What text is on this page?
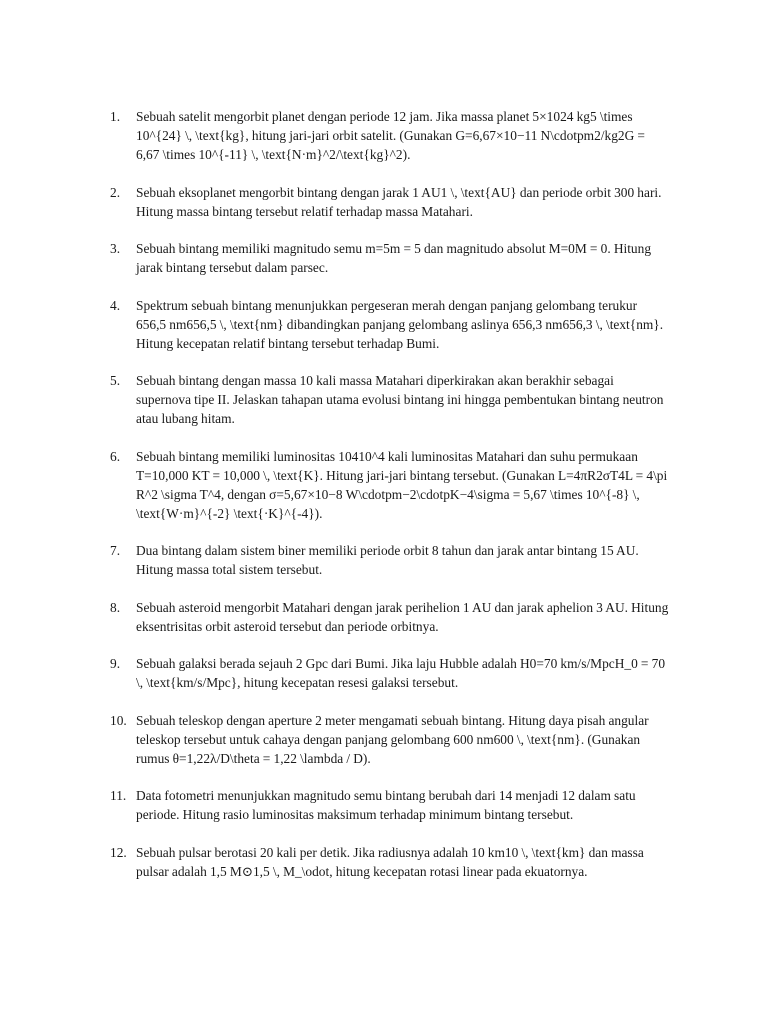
1.	Sebuah satelit mengorbit planet dengan periode 12 jam. Jika massa planet 5×1024 kg5 \times 10^{24} \, \text{kg}, hitung jari-jari orbit satelit. (Gunakan G=6,67×10−11 N\cdotpm2/kg2G = 6,67 \times 10^{-11} \, \text{N·m}^2/\text{kg}^2).
2.	Sebuah eksoplanet mengorbit bintang dengan jarak 1 AU1 \, \text{AU} dan periode orbit 300 hari. Hitung massa bintang tersebut relatif terhadap massa Matahari.
3.	Sebuah bintang memiliki magnitudo semu m=5m = 5 dan magnitudo absolut M=0M = 0. Hitung jarak bintang tersebut dalam parsec.
4.	Spektrum sebuah bintang menunjukkan pergeseran merah dengan panjang gelombang terukur 656,5 nm656,5 \, \text{nm} dibandingkan panjang gelombang aslinya 656,3 nm656,3 \, \text{nm}. Hitung kecepatan relatif bintang tersebut terhadap Bumi.
5.	Sebuah bintang dengan massa 10 kali massa Matahari diperkirakan akan berakhir sebagai supernova tipe II. Jelaskan tahapan utama evolusi bintang ini hingga pembentukan bintang neutron atau lubang hitam.
6.	Sebuah bintang memiliki luminositas 10410^4 kali luminositas Matahari dan suhu permukaan T=10,000 KT = 10,000 \, \text{K}. Hitung jari-jari bintang tersebut. (Gunakan L=4πR2σT4L = 4\pi R^2 \sigma T^4, dengan σ=5,67×10−8 W\cdotpm−2\cdotpK−4\sigma = 5,67 \times 10^{-8} \, \text{W·m}^{-2} \text{·K}^{-4}).
7.	Dua bintang dalam sistem biner memiliki periode orbit 8 tahun dan jarak antar bintang 15 AU. Hitung massa total sistem tersebut.
8.	Sebuah asteroid mengorbit Matahari dengan jarak perihelion 1 AU dan jarak aphelion 3 AU. Hitung eksentrisitas orbit asteroid tersebut dan periode orbitnya.
9.	Sebuah galaksi berada sejauh 2 Gpc dari Bumi. Jika laju Hubble adalah H0=70 km/s/MpcH_0 = 70 \, \text{km/s/Mpc}, hitung kecepatan resesi galaksi tersebut.
10. Sebuah teleskop dengan aperture 2 meter mengamati sebuah bintang. Hitung daya pisah angular teleskop tersebut untuk cahaya dengan panjang gelombang 600 nm600 \, \text{nm}. (Gunakan rumus θ=1,22λ/D\theta = 1,22 \lambda / D).
11. Data fotometri menunjukkan magnitudo semu bintang berubah dari 14 menjadi 12 dalam satu periode. Hitung rasio luminositas maksimum terhadap minimum bintang tersebut.
12. Sebuah pulsar berotasi 20 kali per detik. Jika radiusnya adalah 10 km10 \, \text{km} dan massa pulsar adalah 1,5 M⊙1,5 \, M_\odot, hitung kecepatan rotasi linear pada ekuatornya.
